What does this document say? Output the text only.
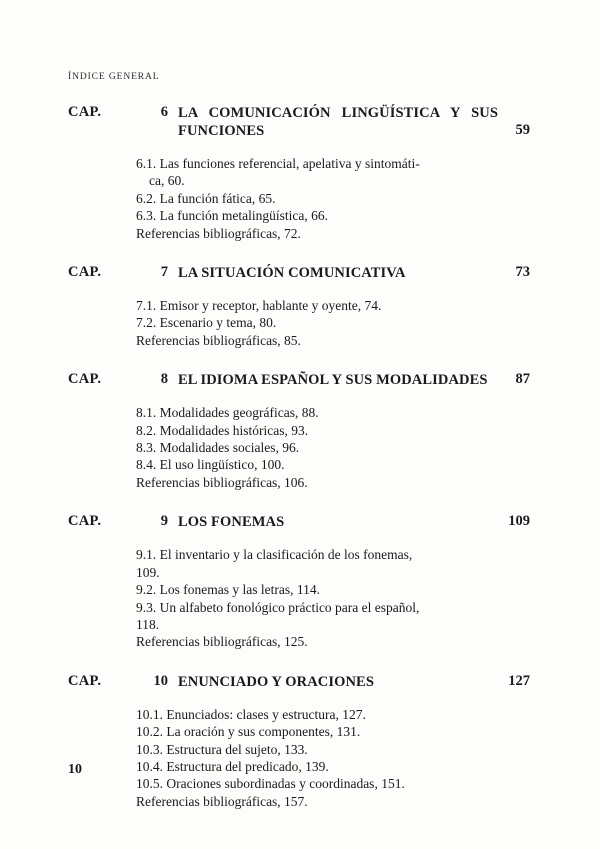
ÍNDICE GENERAL
CAP.	6 LA COMUNICACIÓN LINGÜÍSTICA Y SUS
FUNCIONES	59
6.1. Las funciones referencial, apelativa y sintomáti-
ca, 60.
6.2. La función fática, 65.
6.3. La función metalingüística, 66.
Referencias bibliográficas, 72.
CAP.	7 LA SITUACIÓN COMUNICATIVA	73
7.1. Emisor y receptor, hablante y oyente, 74.
7.2. Escenario y tema, 80.
Referencias bibliográficas, 85.
CAP.	8 EL IDIOMA ESPAÑOL Y SUS MODALIDADES	87
8.1. Modalidades geográficas, 88.
8.2. Modalidades históricas, 93.
8.3. Modalidades sociales, 96.
8.4. El uso lingüístico, 100.
Referencias bibliográficas, 106.
CAP.	9 LOS FONEMAS	109
9.1. El inventario y la clasificación de los fonemas,
109.
9.2. Los fonemas y las letras, 114.
9.3. Un alfabeto fonológico práctico para el español,
118.
Referencias bibliográficas, 125.
CAP.	10 ENUNCIADO Y ORACIONES	127
10.1. Enunciados: clases y estructura, 127.
10.2. La oración y sus componentes, 131.
10.3. Estructura del sujeto, 133.
10.4. Estructura del predicado, 139.
10.5. Oraciones subordinadas y coordinadas, 151.
Referencias bibliográficas, 157.
10
